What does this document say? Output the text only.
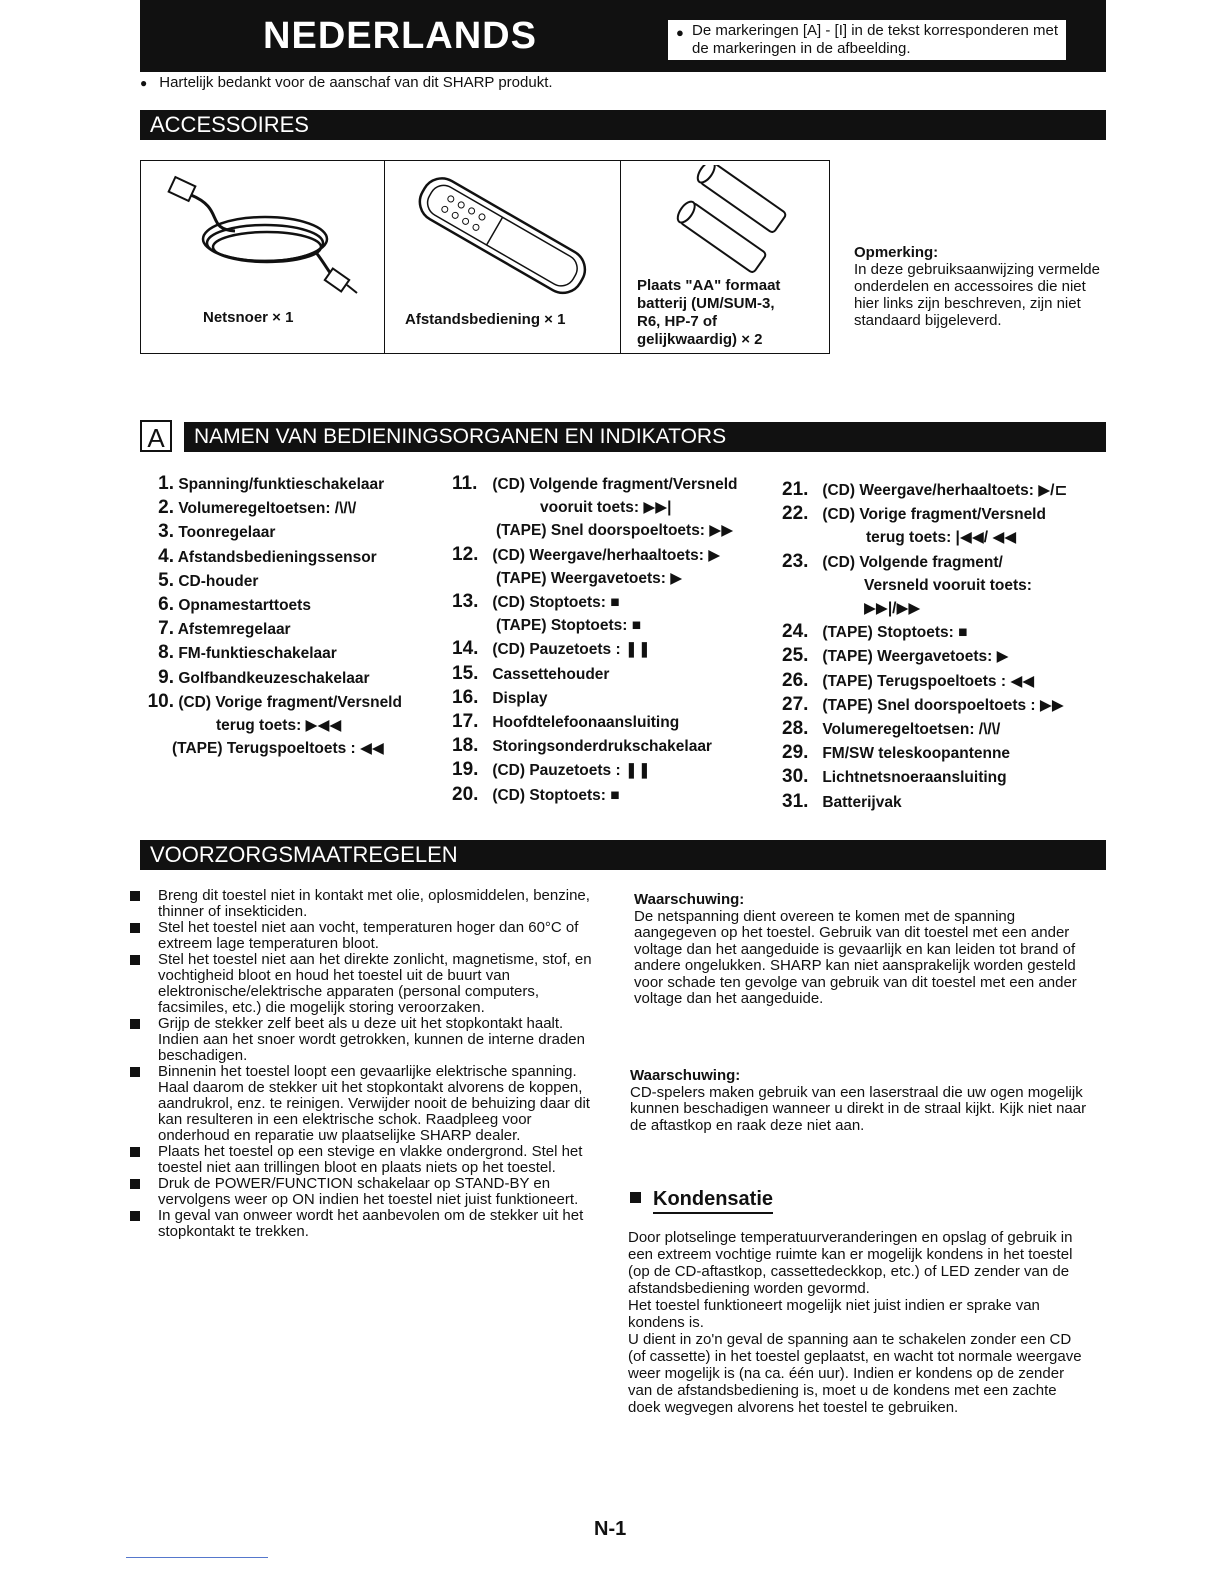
NEDERLANDS	● De markeringen [A] - [I] in de tekst korresponderen met de markeringen in de afbeelding.
● Hartelijk bedankt voor de aanschaf van dit SHARP produkt.
ACCESSOIRES
Netsnoer × 1	Afstandsbediening × 1
Plaats "AA" formaat
batterij (UM/SUM-3,
R6, HP-7 of
gelijkwaardig) × 2
Opmerking:
In deze gebruiksaanwijzing vermelde onderdelen en accessoires die niet hier links zijn beschreven, zijn niet standaard bijgeleverd.
A	NAMEN VAN BEDIENINGSORGANEN EN INDIKATORS
1. Spanning/funktieschakelaar
2. Volumeregeltoetsen: /\/\/
3. Toonregelaar
4. Afstandsbedieningssensor
5. CD-houder
6. Opnamestarttoets
7. Afstemregelaar
8. FM-funktieschakelaar
9. Golfbandkeuzeschakelaar
10. (CD) Vorige fragment/Versneld
terug toets: ▶◀◀
(TAPE) Terugspoeltoets : ◀◀
11. (CD) Volgende fragment/Versneld
vooruit toets: ▶▶|
(TAPE) Snel doorspoeltoets: ▶▶
12. (CD) Weergave/herhaaltoets: ▶
(TAPE) Weergavetoets: ▶
13. (CD) Stoptoets: ■
(TAPE) Stoptoets: ■
14. (CD) Pauzetoets : ❚❚
15. Cassettehouder
16. Display
17. Hoofdtelefoonaansluiting
18. Storingsonderdrukschakelaar
19. (CD) Pauzetoets : ❚❚
20. (CD) Stoptoets: ■
21. (CD) Weergave/herhaaltoets: ▶/⊏
22. (CD) Vorige fragment/Versneld
terug toets: |◀◀/ ◀◀
23. (CD) Volgende fragment/
Versneld vooruit toets:
▶▶|/▶▶
24. (TAPE) Stoptoets: ■
25. (TAPE) Weergavetoets: ▶
26. (TAPE) Terugspoeltoets : ◀◀
27. (TAPE) Snel doorspoeltoets : ▶▶
28. Volumeregeltoetsen: /\/\/
29. FM/SW teleskoopantenne
30. Lichtnetsnoeraansluiting
31. Batterijvak
VOORZORGSMAATREGELEN
Breng dit toestel niet in kontakt met olie, oplosmiddelen, benzine, thinner of insekticiden.
Stel het toestel niet aan vocht, temperaturen hoger dan 60°C of extreem lage temperaturen bloot.
Stel het toestel niet aan het direkte zonlicht, magnetisme, stof, en vochtigheid bloot en houd het toestel uit de buurt van elektronische/elektrische apparaten (personal computers, facsimiles, etc.) die mogelijk storing veroorzaken.
Grijp de stekker zelf beet als u deze uit het stopkontakt haalt. Indien aan het snoer wordt getrokken, kunnen de interne draden beschadigen.
Binnenin het toestel loopt een gevaarlijke elektrische spanning. Haal daarom de stekker uit het stopkontakt alvorens de koppen, aandrukrol, enz. te reinigen. Verwijder nooit de behuizing daar dit kan resulteren in een elektrische schok. Raadpleeg voor onderhoud en reparatie uw plaatselijke SHARP dealer.
Plaats het toestel op een stevige en vlakke ondergrond. Stel het toestel niet aan trillingen bloot en plaats niets op het toestel.
Druk de POWER/FUNCTION schakelaar op STAND-BY en vervolgens weer op ON indien het toestel niet juist funktioneert.
In geval van onweer wordt het aanbevolen om de stekker uit het stopkontakt te trekken.
Waarschuwing:
De netspanning dient overeen te komen met de spanning aangegeven op het toestel. Gebruik van dit toestel met een ander voltage dan het aangeduide is gevaarlijk en kan leiden tot brand of andere ongelukken. SHARP kan niet aansprakelijk worden gesteld voor schade ten gevolge van gebruik van dit toestel met een ander voltage dan het aangeduide.
Waarschuwing:
CD-spelers maken gebruik van een laserstraal die uw ogen mogelijk kunnen beschadigen wanneer u direkt in de straal kijkt. Kijk niet naar de aftastkop en raak deze niet aan.
Kondensatie

Door plotselinge temperatuurveranderingen en opslag of gebruik in een extreem vochtige ruimte kan er mogelijk kondens in het toestel (op de CD-aftastkop, cassettedeckkop, etc.) of LED zender van de afstandsbediening worden gevormd.

Het toestel funktioneert mogelijk niet juist indien er sprake van kondens is.

U dient in zo'n geval de spanning aan te schakelen zonder een CD (of cassette) in het toestel geplaatst, en wacht tot normale weergave weer mogelijk is (na ca. één uur). Indien er kondens op de zender van de afstandsbediening is, moet u de kondens met een zachte doek wegvegen alvorens het toestel te gebruiken.

N-1
